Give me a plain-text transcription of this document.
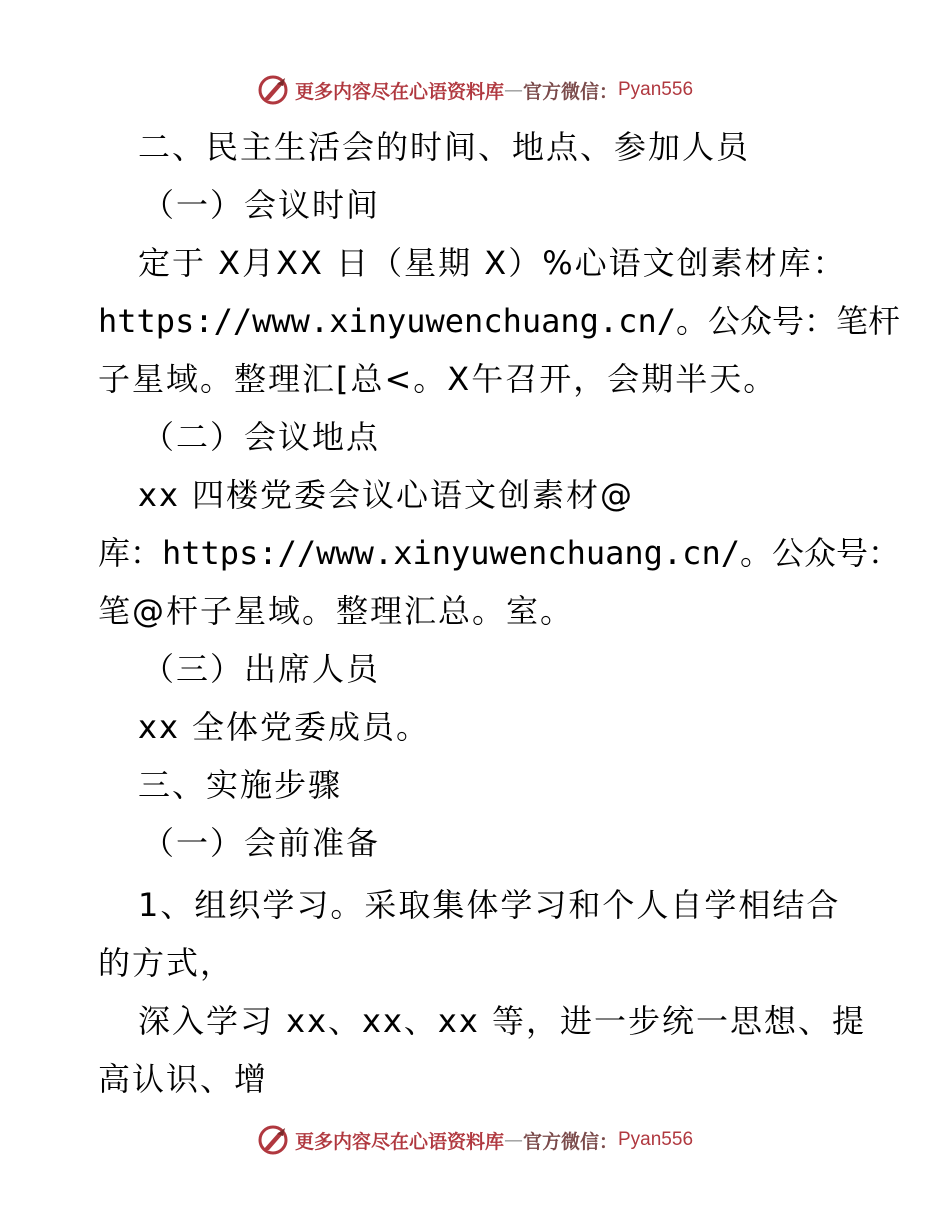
更多内容尽在心语资料库 — 官方微信： Pyan556
二、民主生活会的时间、地点、参加人员
（一）会议时间
定于 X月XX 日（星期 X）%心语文创素材库：
https://www.xinyuwenchuang.cn/。公众号：笔杆
子星域。整理汇[总<。X午召开，会期半天。
（二）会议地点
xx 四楼党委会议心语文创素材@
库：https://www.xinyuwenchuang.cn/。公众号：
笔@杆子星域。整理汇总。室。
（三）出席人员
xx 全体党委成员。
三、实施步骤
（一）会前准备
1、组织学习。采取集体学习和个人自学相结合
的方式，
深入学习 xx、xx、xx 等，进一步统一思想、提
高认识、增
更多内容尽在心语资料库 — 官方微信： Pyan556
